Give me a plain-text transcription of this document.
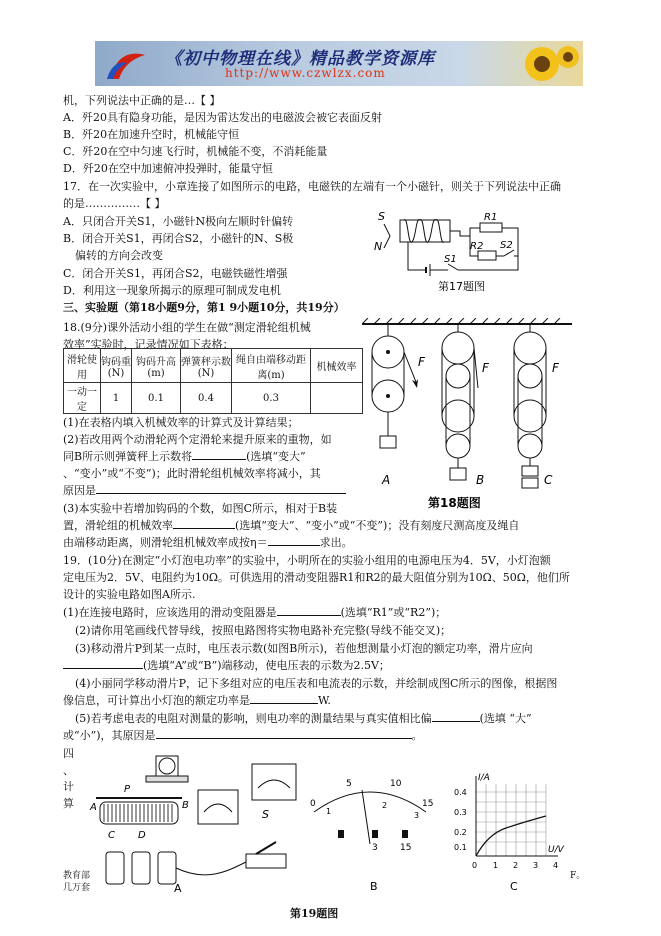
《初中物理在线》精品教学资源库
http://www.czwlzx.com
机，下列说法中正确的是…【 】
A．歼20具有隐身功能，是因为雷达发出的电磁波会被它表面反射
B．歼20在加速升空时，机械能守恒
C．歼20在空中匀速飞行时，机械能不变，不消耗能量
D．歼20在空中加速俯冲投弹时，能量守恒
17．在一次实验中，小章连接了如图所示的电路，电磁铁的左端有一个小磁针，则关于下列说法中正确
的是……………【 】
A．只闭合开关S1，小磁针N极向左顺时针偏转
B．闭合开关S1，再闭合S2，小磁针的N、S极
偏转的方向会改变
C．闭合开关S1，再闭合S2，电磁铁磁性增强
D．利用这一现象所揭示的原理可制成发电机
S
N
R1
R2 S2
S1
第17题图
三、实验题（第18小题9分，第1 9小题10分，共19分）
18.(9分)课外活动小组的学生在做“测定滑轮组机械
效率”实验时，记录情况如下表格：
滑轮使用	钩码重(N)	钩码升高(m)	弹簧秤示数(N)	绳自由端移动距离(m)	机械效率
一动一定	1	0.1	0.4	0.3	
(1)在表格内填入机械效率的计算式及计算结果；
(2)若改用两个动滑轮两个定滑轮来提升原来的重物，如
同B所示则弹簧秤上示数将	(选填“变大”
、“变小”或“不变”)；此时滑轮组机械效率将减小，其
原因是
(3)本实验中若增加钩码的个数，如图C所示，相对于B装
置，滑轮组的机械效率	(选填“变大”、“变小”或“不变”)；没有刻度尺测高度及绳自
由端移动距离，则滑轮组机械效率成按η＝	求出。
F
A
F
B
F
C
第18题图
19．(10分)在测定“小灯泡电功率”的实验中，小明所在的实验小组用的电源电压为4．5V，小灯泡额
定电压为2．5V、电阻约为10Ω。可供选用的滑动变阻器R1和R2的最大阻值分别为10Ω、50Ω，他们所
设计的实验电路如图A所示.
(1)在连接电路时，应该选用的滑动变阻器是	(选填“R1”或“R2”)；
(2)请你用笔画线代替导线，按照电路图将实物电路补充完整(导线不能交叉)；
(3)移动滑片P到某一点时，电压表示数(如图B所示)，若他想测量小灯泡的额定功率，滑片应向
(选填“A”或“B”)端移动，使电压表的示数为2.5V；
(4)小丽同学移动滑片P，记下多组对应的电压表和电流表的示数，并绘制成图C所示的图像，根据图
像信息，可计算出小灯泡的额定功率是	W.
(5)若考虑电表的电阻对测量的影响，则电功率的测量结果与真实值相比偏	(选填 “大”
或“小”)，其原因是	。
四
、
计
算
S
P
A	B
C D
A
0
5	10
15
1
2
3
3 15
B
I/A
U/V
0.4
0.3
0.2
0.1
0 1 2 3 4
C
第19题图
教育部
几万套
F。
